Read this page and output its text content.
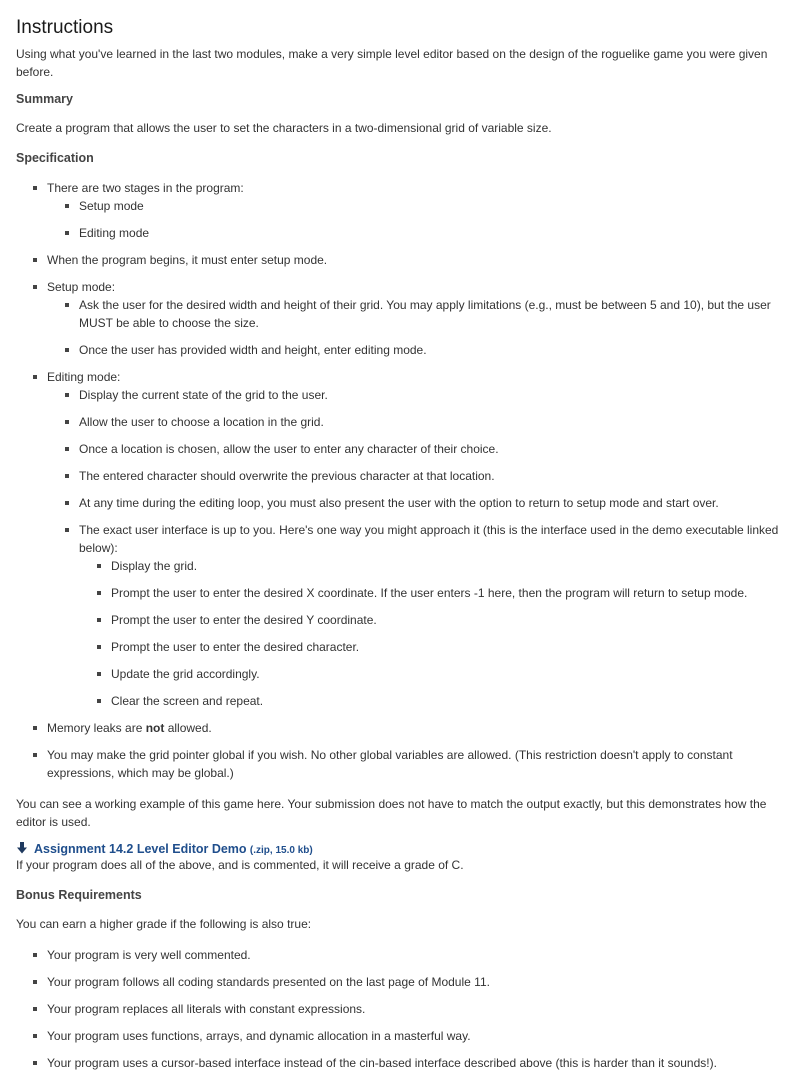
Instructions
Using what you've learned in the last two modules, make a very simple level editor based on the design of the roguelike game you were given before.
Summary
Create a program that allows the user to set the characters in a two-dimensional grid of variable size.
Specification
There are two stages in the program:
Setup mode
Editing mode
When the program begins, it must enter setup mode.
Setup mode:
Ask the user for the desired width and height of their grid. You may apply limitations (e.g., must be between 5 and 10), but the user MUST be able to choose the size.
Once the user has provided width and height, enter editing mode.
Editing mode:
Display the current state of the grid to the user.
Allow the user to choose a location in the grid.
Once a location is chosen, allow the user to enter any character of their choice.
The entered character should overwrite the previous character at that location.
At any time during the editing loop, you must also present the user with the option to return to setup mode and start over.
The exact user interface is up to you. Here's one way you might approach it (this is the interface used in the demo executable linked below):
Display the grid.
Prompt the user to enter the desired X coordinate. If the user enters -1 here, then the program will return to setup mode.
Prompt the user to enter the desired Y coordinate.
Prompt the user to enter the desired character.
Update the grid accordingly.
Clear the screen and repeat.
Memory leaks are not allowed.
You may make the grid pointer global if you wish. No other global variables are allowed. (This restriction doesn't apply to constant expressions, which may be global.)
You can see a working example of this game here. Your submission does not have to match the output exactly, but this demonstrates how the editor is used.
Assignment 14.2 Level Editor Demo (.zip, 15.0 kb)
If your program does all of the above, and is commented, it will receive a grade of C.
Bonus Requirements
You can earn a higher grade if the following is also true:
Your program is very well commented.
Your program follows all coding standards presented on the last page of Module 11.
Your program replaces all literals with constant expressions.
Your program uses functions, arrays, and dynamic allocation in a masterful way.
Your program uses a cursor-based interface instead of the cin-based interface described above (this is harder than it sounds!).
